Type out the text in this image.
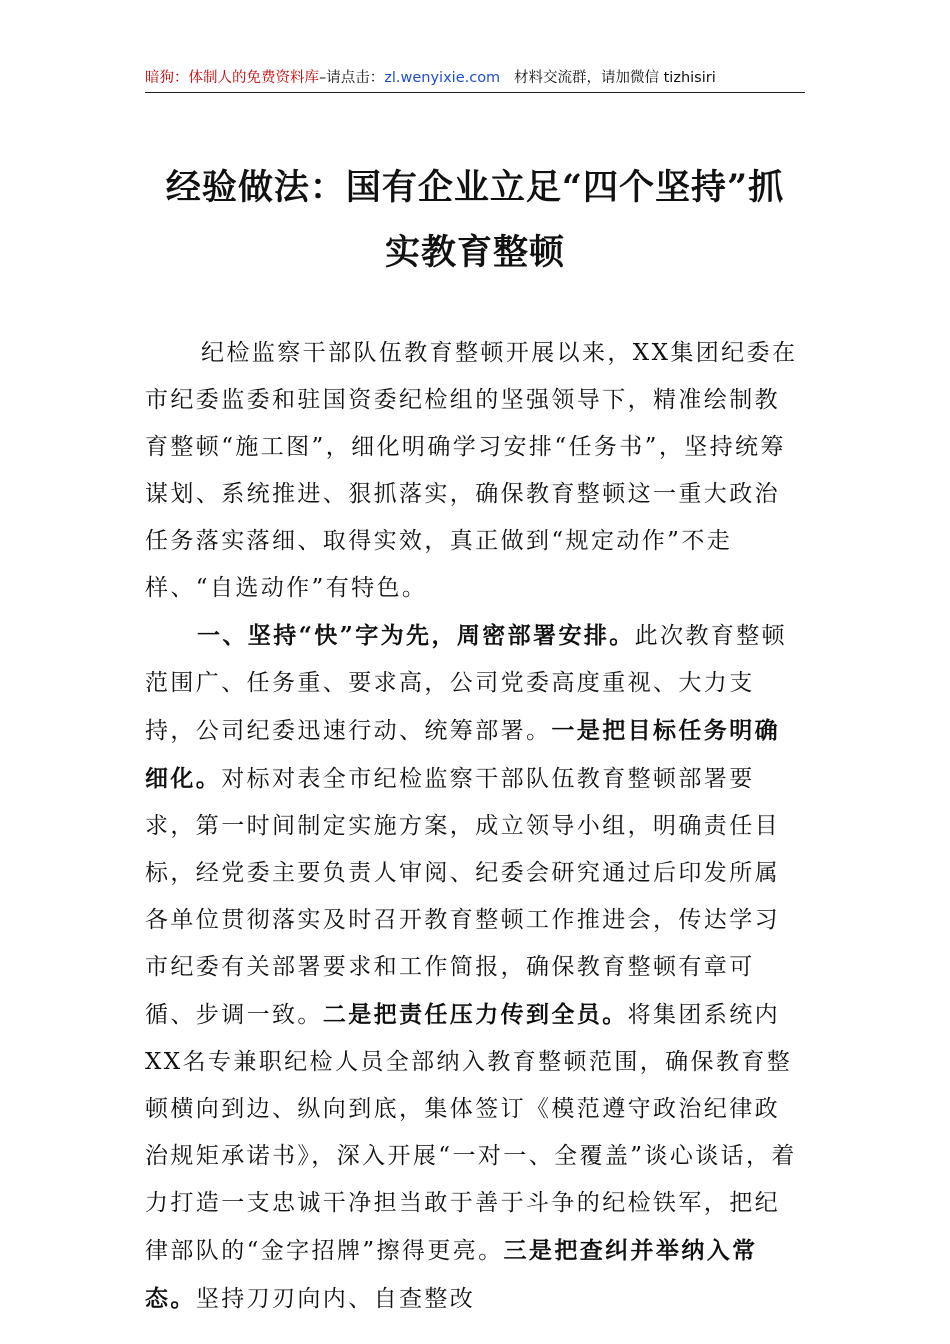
暗狗：体制人的免费资料库–请点击：zl.wenyixie.com 材料交流群，请加微信 tizhisiri
经验做法：国有企业立足“四个坚持”抓
实教育整顿

纪检监察干部队伍教育整顿开展以来，XX集团纪委在市纪委监委和驻国资委纪检组的坚强领导下，精准绘制教育整顿“施工图”，细化明确学习安排“任务书”，坚持统筹谋划、系统推进、狠抓落实，确保教育整顿这一重大政治任务落实落细、取得实效，真正做到“规定动作”不走样、“自选动作”有特色。

一、坚持“快”字为先，周密部署安排。此次教育整顿范围广、任务重、要求高，公司党委高度重视、大力支持，公司纪委迅速行动、统筹部署。一是把目标任务明确细化。对标对表全市纪检监察干部队伍教育整顿部署要求，第一时间制定实施方案，成立领导小组，明确责任目标，经党委主要负责人审阅、纪委会研究通过后印发所属各单位贯彻落实及时召开教育整顿工作推进会，传达学习市纪委有关部署要求和工作简报，确保教育整顿有章可循、步调一致。二是把责任压力传到全员。将集团系统内XX名专兼职纪检人员全部纳入教育整顿范围，确保教育整顿横向到边、纵向到底，集体签订《模范遵守政治纪律政治规矩承诺书》，深入开展“一对一、全覆盖”谈心谈话，着力打造一支忠诚干净担当敢于善于斗争的纪检铁军，把纪律部队的“金字招牌”擦得更亮。三是把查纠并举纳入常态。坚持刀刃向内、自查整改
